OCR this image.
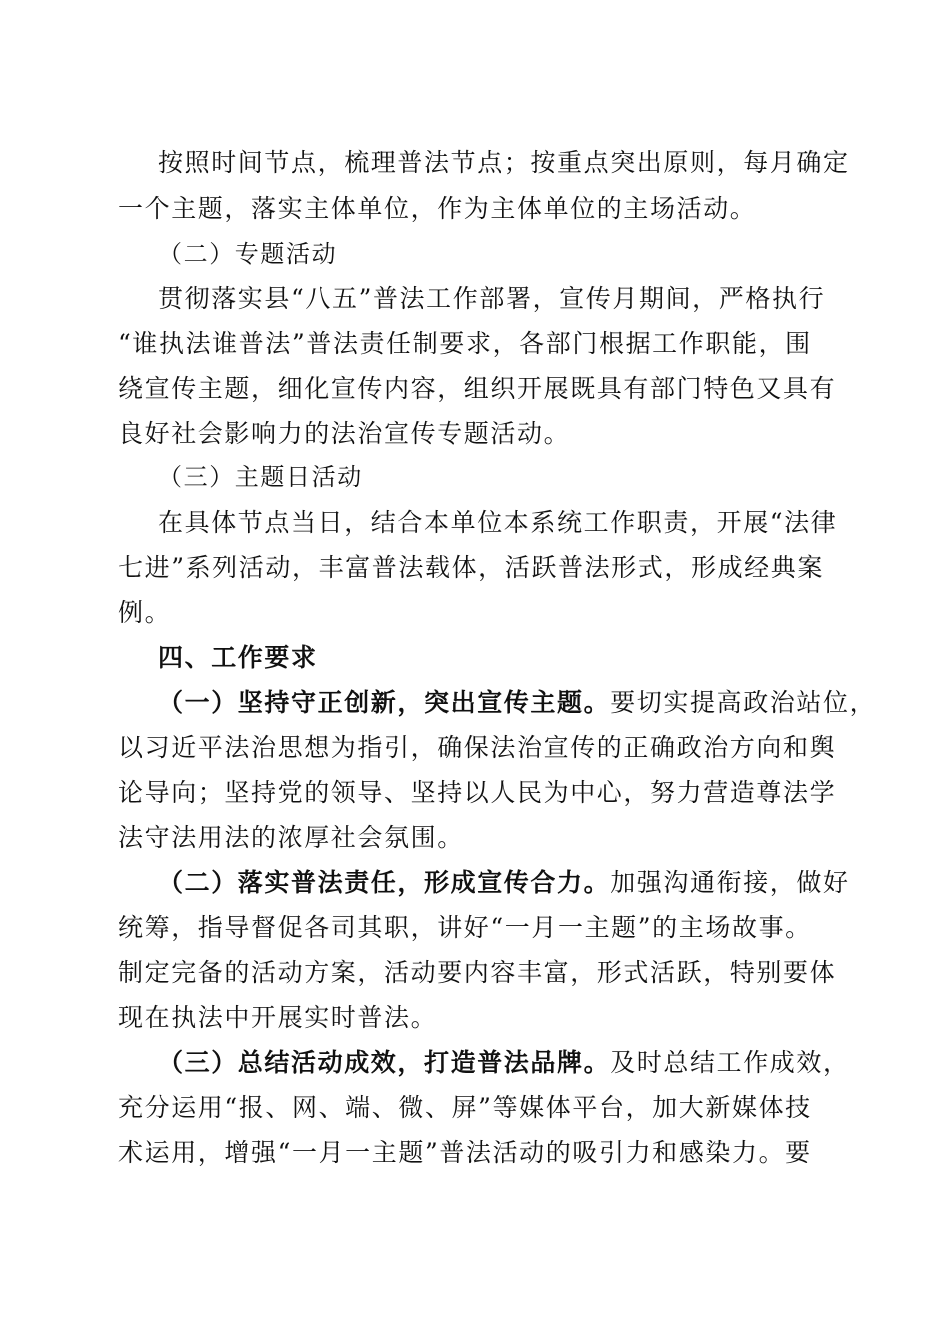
按照时间节点，梳理普法节点；按重点突出原则，每月确定
一个主题，落实主体单位，作为主体单位的主场活动。
（二）专题活动
贯彻落实县“八五”普法工作部署，宣传月期间，严格执行
“谁执法谁普法”普法责任制要求，各部门根据工作职能，围
绕宣传主题，细化宣传内容，组织开展既具有部门特色又具有
良好社会影响力的法治宣传专题活动。
（三）主题日活动
在具体节点当日，结合本单位本系统工作职责，开展“法律
七进”系列活动，丰富普法载体，活跃普法形式，形成经典案
例。
四、工作要求
（一）坚持守正创新，突出宣传主题。要切实提高政治站位，
以习近平法治思想为指引，确保法治宣传的正确政治方向和舆
论导向；坚持党的领导、坚持以人民为中心，努力营造尊法学
法守法用法的浓厚社会氛围。
（二）落实普法责任，形成宣传合力。加强沟通衔接，做好
统筹，指导督促各司其职，讲好“一月一主题”的主场故事。
制定完备的活动方案，活动要内容丰富，形式活跃，特别要体
现在执法中开展实时普法。
（三）总结活动成效，打造普法品牌。及时总结工作成效，
充分运用“报、网、端、微、屏”等媒体平台，加大新媒体技
术运用，增强“一月一主题”普法活动的吸引力和感染力。要
